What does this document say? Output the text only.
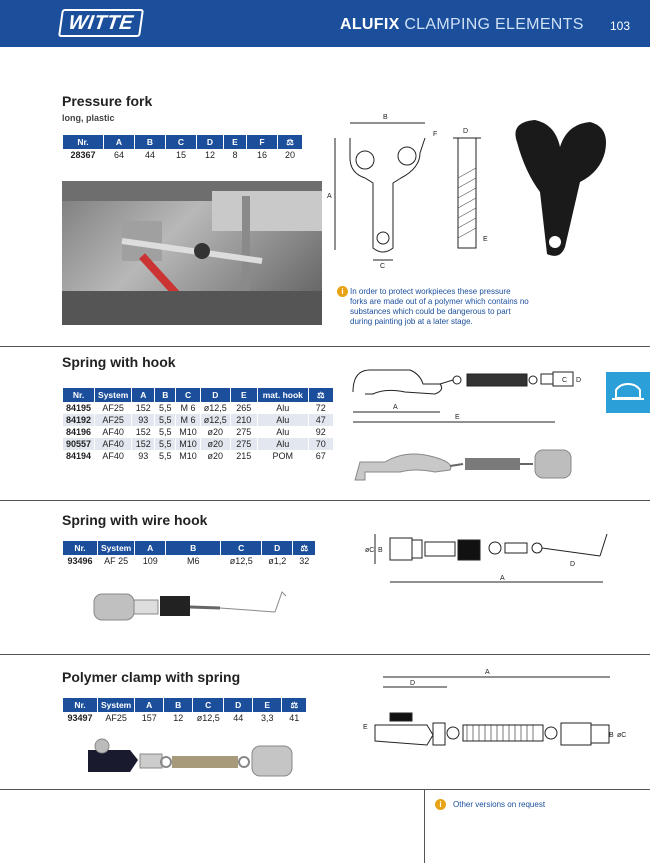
WITTE	ALUFIX CLAMPING ELEMENTS 103
Pressure fork
long, plastic
Nr.	A	B	C	D	E	F	⚖
28367	64	44	15	12	8	16	20
B
A
C
D
E
F
i In order to protect workpieces these pressure forks are made out of a polymer which contains no substances which could be dangerous to part during painting job at a later stage.
Spring with hook
Nr.	System	A	B	C	D	E	mat. hook	⚖
84195	AF25	152	5,5	M 6	ø12,5	265	Alu	72
84192	AF25	93	5,5	M 6	ø12,5	210	Alu	47
84196	AF40	152	5,5	M10	ø20	275	Alu	92
90557	AF40	152	5,5	M10	ø20	275	Alu	70
84194	AF40	93	5,5	M10	ø20	215	POM	67
A
E
C D
Spring with wire hook
Nr.	System	A	B	C	D	⚖
93496	AF 25	109	M6	ø12,5	ø1,2	32
øC B
A
D
Polymer clamp with spring
Nr.	System	A	B	C	D	E	⚖
93497	AF25	157	12	ø12,5	44	3,3	41
A
D
E
B øC
i	Other versions on request
